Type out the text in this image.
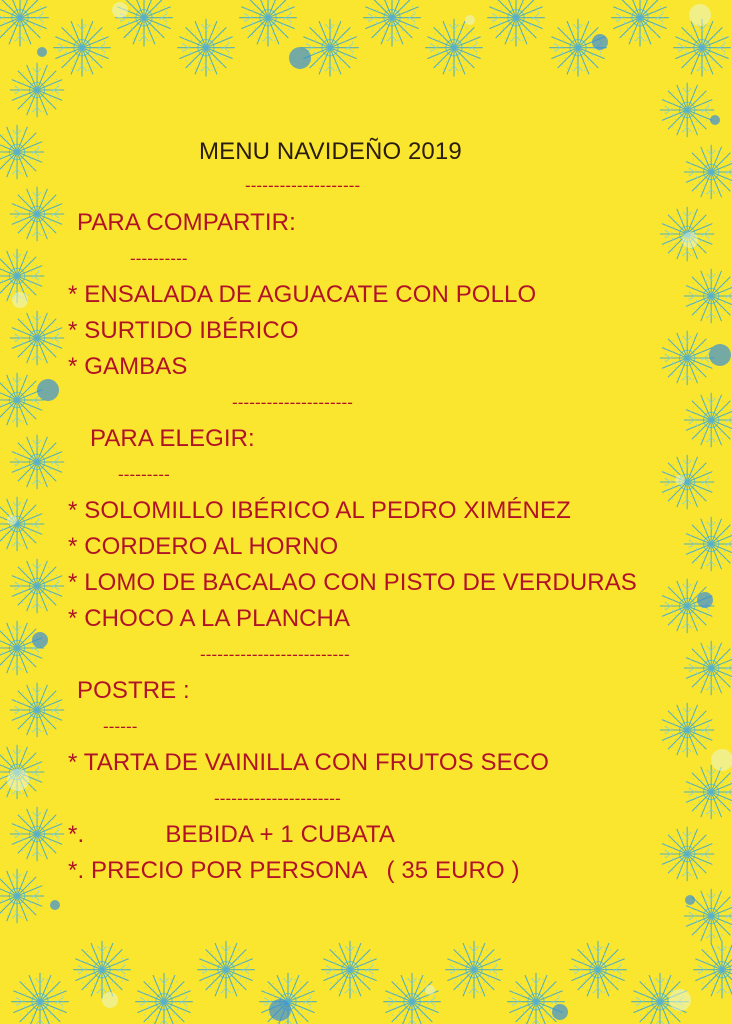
MENU NAVIDEÑO 2019
--------------------
PARA COMPARTIR:
----------
* ENSALADA DE AGUACATE CON POLLO
* SURTIDO IBÉRICO
* GAMBAS
---------------------
PARA ELEGIR:
---------
* SOLOMILLO IBÉRICO AL PEDRO XIMÉNEZ
* CORDERO AL HORNO
* LOMO DE BACALAO CON PISTO DE VERDURAS
* CHOCO A LA PLANCHA
--------------------------
POSTRE :
------
* TARTA DE VAINILLA CON FRUTOS SECO
----------------------
*.            BEBIDA + 1 CUBATA
*. PRECIO POR PERSONA   ( 35 EURO )
